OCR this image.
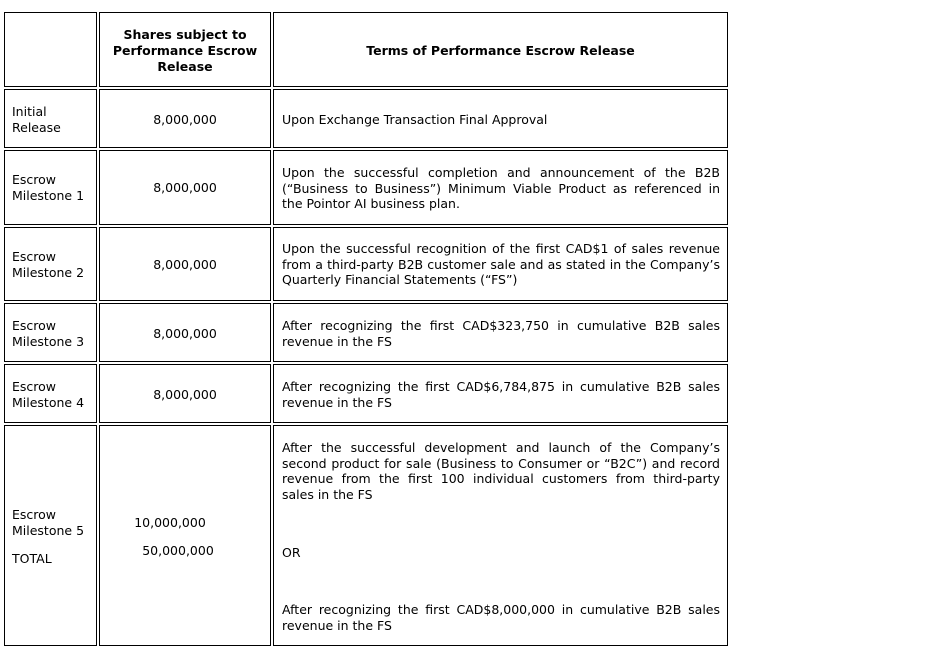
Shares subject to Performance Escrow Release
Terms of Performance Escrow Release
Initial Release
8,000,000	Upon Exchange Transaction Final Approval
Escrow Milestone 1
8,000,000
Upon the successful completion and announcement of the B2B (“Business to Business”) Minimum Viable Product as referenced in the Pointor AI business plan.
Escrow Milestone 2
8,000,000
Upon the successful recognition of the first CAD$1 of sales revenue from a third-party B2B customer sale and as stated in the Company’s Quarterly Financial Statements (“FS”)
Escrow Milestone 3
8,000,000
After recognizing the first CAD$323,750 in cumulative B2B sales revenue in the FS
Escrow Milestone 4
8,000,000
After recognizing the first CAD$6,784,875 in cumulative B2B sales revenue in the FS
Escrow Milestone 5
TOTAL
10,000,000
50,000,000
After the successful development and launch of the Company’s second product for sale (Business to Consumer or “B2C”) and record revenue from the first 100 individual customers from third-party sales in the FS
OR
After recognizing the first CAD$8,000,000 in cumulative B2B sales revenue in the FS
